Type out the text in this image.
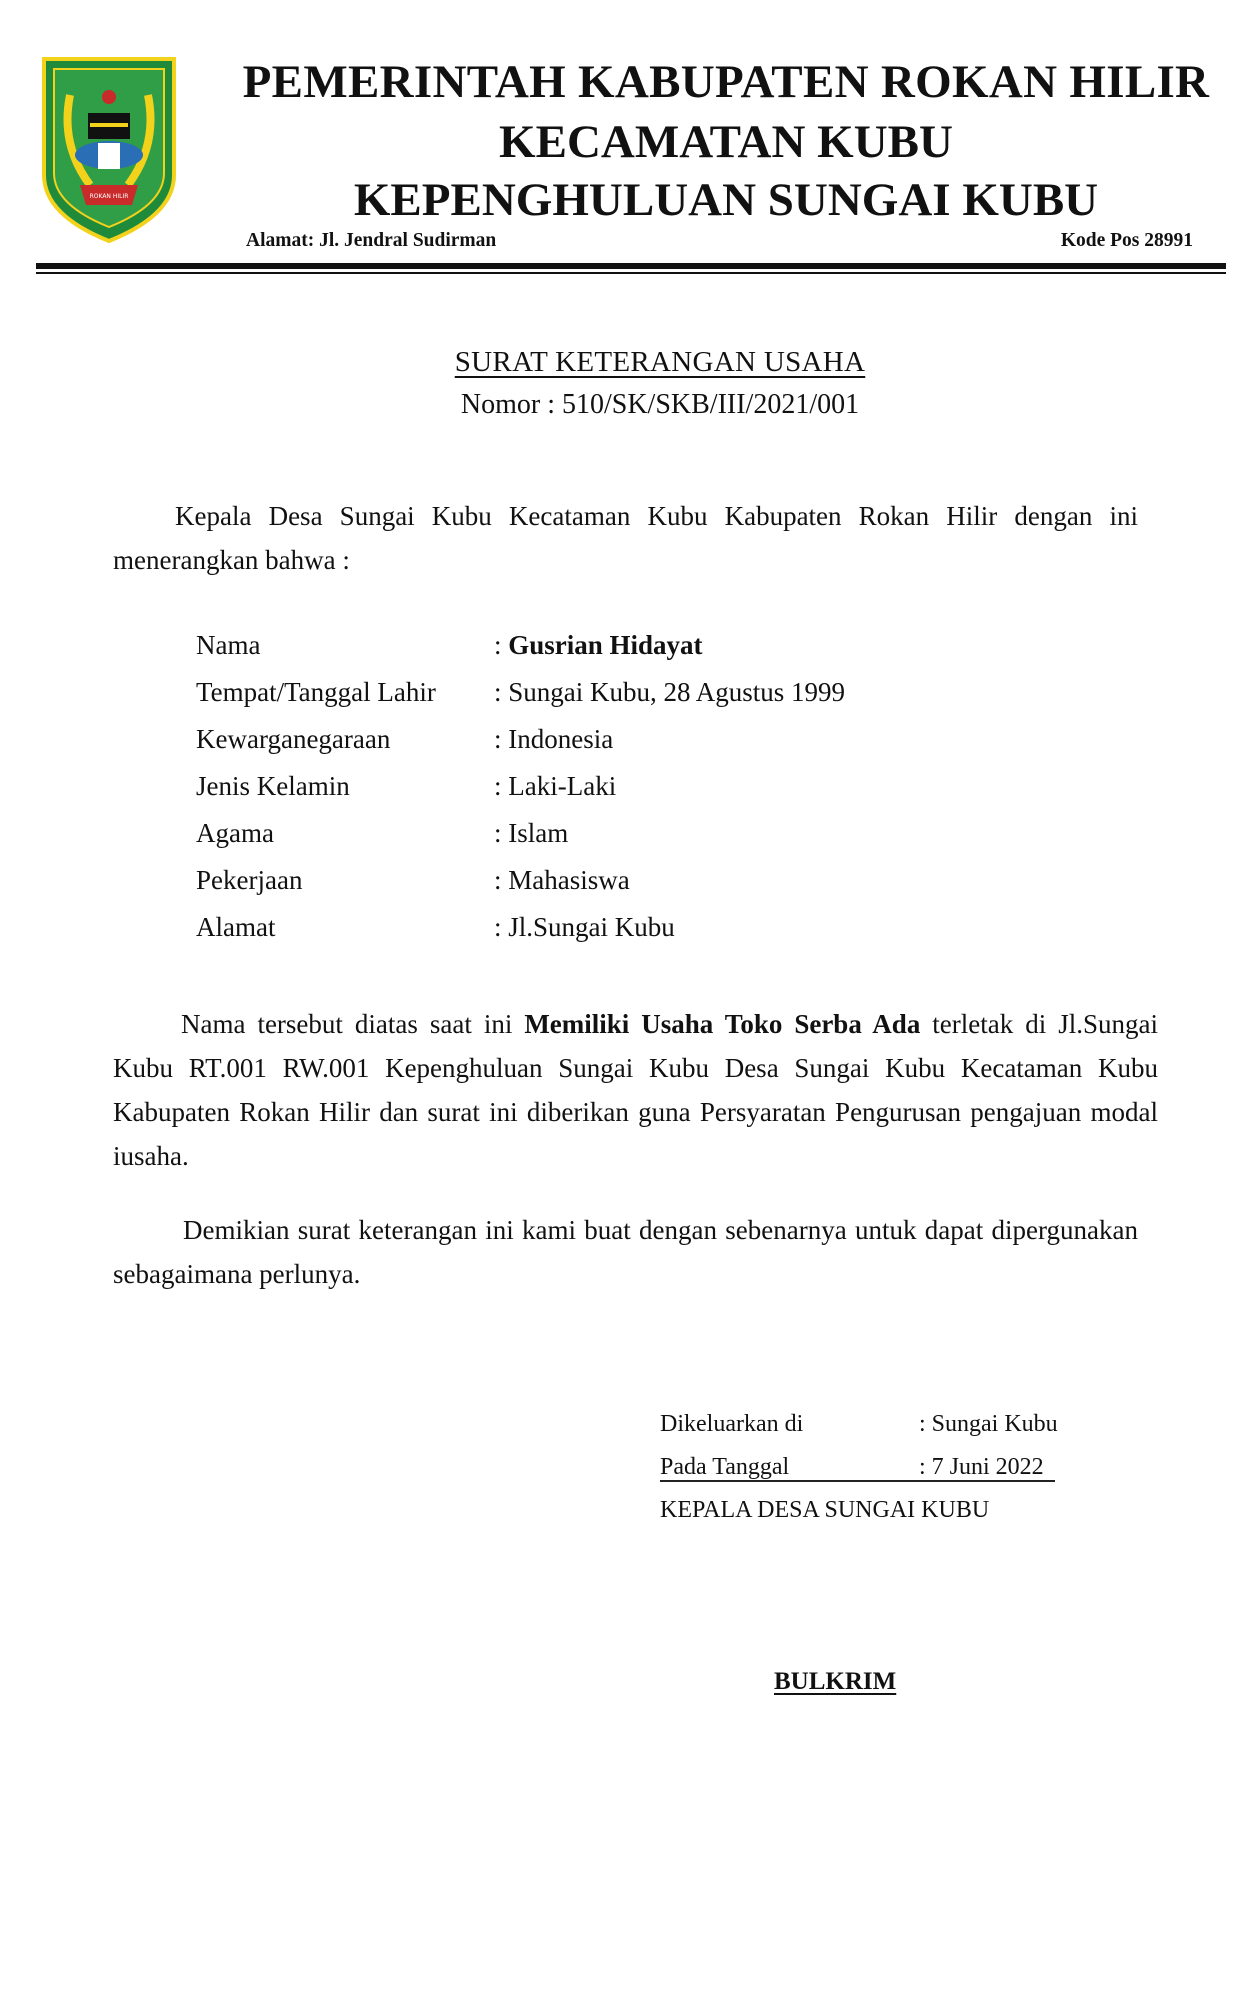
ROKAN HILIR
PEMERINTAH KABUPATEN ROKAN HILIR
KECAMATAN KUBU
KEPENGHULUAN SUNGAI KUBU
Alamat: Jl. Jendral Sudirman	Kode Pos 28991
SURAT KETERANGAN USAHA
Nomor : 510/SK/SKB/III/2021/001
Kepala Desa Sungai Kubu Kecataman Kubu Kabupaten Rokan Hilir dengan ini menerangkan bahwa :
Nama	: Gusrian Hidayat
Tempat/Tanggal Lahir : Sungai Kubu, 28 Agustus 1999
Kewarganegaraan	: Indonesia
Jenis Kelamin	: Laki-Laki
Agama	: Islam
Pekerjaan	: Mahasiswa
Alamat	: Jl.Sungai Kubu
Nama tersebut diatas saat ini Memiliki Usaha Toko Serba Ada terletak di Jl.Sungai Kubu RT.001 RW.001 Kepenghuluan Sungai Kubu Desa Sungai Kubu Kecataman Kubu Kabupaten Rokan Hilir dan surat ini diberikan guna Persyaratan Pengurusan pengajuan modal iusaha.
Demikian surat keterangan ini kami buat dengan sebenarnya untuk dapat dipergunakan sebagaimana perlunya.
Dikeluarkan di	: Sungai Kubu
Pada Tanggal	: 7 Juni 2022
KEPALA DESA SUNGAI KUBU
BULKRIM
